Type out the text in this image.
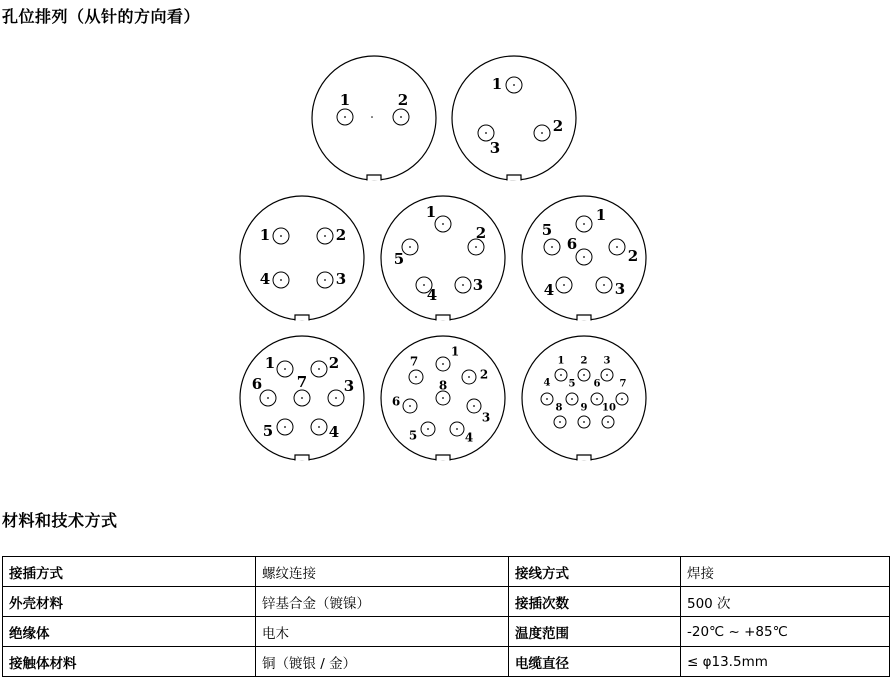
孔位排列（从针的方向看）
1	2
1
2
3
1	2
3
4
1
2
3
4
5
1
2
3
4
5
6
1	2
3
4
5
6 7
1
2
3
4
5
6
7
8
1 2 3
4 5 6 7
8 9 10
材料和技术方式
接插方式	螺纹连接	接线方式	焊接
外壳材料	锌基合金（镀镍）	接插次数	500 次
绝缘体	电木	温度范围	-20℃ ~ +85℃
接触体材料	铜（镀银 / 金）	电缆直径	≤ φ13.5mm
